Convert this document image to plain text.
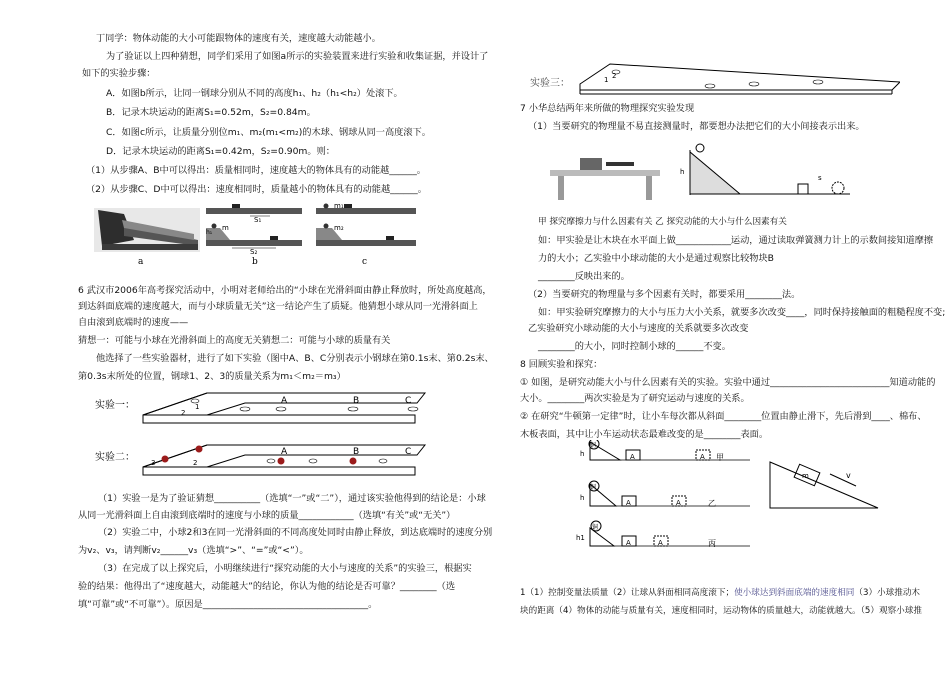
丁同学：物体动能的大小可能跟物体的速度有关，速度越大动能越小。
为了验证以上四种猜想，同学们采用了如图a所示的实验装置来进行实验和收集证据，并设计了
如下的实验步骤：
A．如图b所示，让同一钢球分别从不同的高度h₁、h₂（h₁<h₂）处滚下。
B．记录木块运动的距离S₁=0.52m，S₂=0.84m。
C．如图c所示，让质量分别位m₁、m₂(m₁<m₂)的木球、钢球从同一高度滚下。
D．记录木块运动的距离S₁=0.42m，S₂=0.90m。则：
（1）从步骤A、B中可以得出：质量相同时，速度越大的物体具有的动能越______。
（2）从步骤C、D中可以得出：速度相同时，质量越小的物体具有的动能越______。
a
S₁
m
S₂
h₁
b
m₁
m₂
c
6 武汉市2006年高考探究活动中，小明对老师给出的“小球在光滑斜面由静止释放时，所处高度越高，
到达斜面底端的速度越大，而与小球质量无关”这一结论产生了质疑。他猜想小球从同一光滑斜面上
自由滚到底端时的速度——
猜想一：可能与小球在光滑斜面上的高度无关猜想二：可能与小球的质量有关
他选择了一些实验器材，进行了如下实验（图中A、B、C分别表示小钢球在第0.1s末、第0.2s末、
第0.3s末所处的位置，钢球1、2、3的质量关系为m₁＜m₂＝m₃）
实验一：
2
1
A	B	C
实验二： 3	2
A	B	C
（1）实验一是为了验证猜想__________（选填“一”或“二”），通过该实验他得到的结论是：小球
从同一光滑斜面上自由滚到底端时的速度与小球的质量____________（选填“有关”或“无关”）
（2）实验二中，小球2和3在同一光滑斜面的不同高度处同时由静止释放，到达底端时的速度分别
为v₂、v₃，请判断v₂______v₃（选填“>”、“=”或“<”）。
（3）在完成了以上探究后，小明继续进行“探究动能的大小与速度的关系”的实验三，根据实
验的结果：他得出了“速度越大，动能越大”的结论，你认为他的结论是否可靠？________（选
填“可靠”或“不可靠”）。原因是____________________________________。
实验三：
2
1
7 小华总结两年来所做的物理探究实验发现
（1）当要研究的物理量不易直接测量时，都要想办法把它们的大小间接表示出来。
h
s
甲 探究摩擦力与什么因素有关 乙 探究动能的大小与什么因素有关
如：甲实验是让木块在水平面上做____________运动，通过读取弹簧测力计上的示数间接知道摩擦
力的大小；乙实验中小球动能的大小是通过观察比较物块B
________反映出来的。
（2）当要研究的物理量与多个因素有关时，都要采用________法。
如：甲实验研究摩擦力的大小与压力大小关系，就要多次改变____，同时保持接触面的粗糙程度不变;
乙实验研究小球动能的大小与速度的关系就要多次改变
________的大小，同时控制小球的______不变。
8 回顾实验和探究：
① 如图，是研究动能大小与什么因素有关的实验。实验中通过__________________________知道动能的
大小。________两次实验是为了研究运动与速度的关系。
② 在研究“牛顿第一定律”时，让小车每次都从斜面________位置由静止滑下，先后滑到____、棉布、
木板表面，其中让小车运动状态最难改变的是________表面。
铜
A	A
h	甲
铜
A	A
h
乙
铜
A	A
h1
丙
m	v
1（1）控制变量法质量（2）让球从斜面相同高度滚下；使小球达到斜面底端的速度相同（3）小球推动木
块的距离（4）物体的动能与质量有关，速度相同时，运动物体的质量越大，动能就越大。（5）观察小球推
